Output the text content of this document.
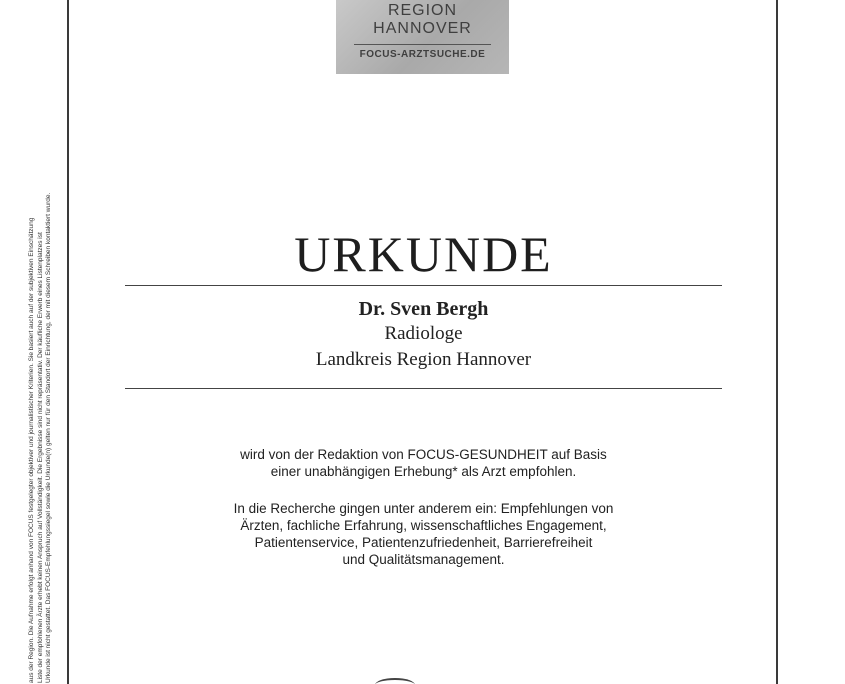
REGION
HANNOVER
FOCUS-ARZTSUCHE.DE
aus der Region. Die Aufnahme erfolgt anhand von FOCUS festgelegter objektiver und journalistischer Kriterien. Sie basiert auch auf der subjektiven Einschätzung Liste der empfohlenen Ärzte erhebt keinen Anspruch auf Vollständigkeit. Die Ergebnisse sind nicht repräsentativ. Der käufliche Erwerb eines Listenplatzes ist Urkunde ist nicht gestattet. Das FOCUS-Empfehlungssiegel sowie die Urkunde(n) gelten nur für den Standort der Einrichtung, der mit diesem Schreiben kontaktiert wurde.	URKUNDE
Dr. Sven Bergh
Radiologe
Landkreis Region Hannover
wird von der Redaktion von FOCUS-GESUNDHEIT auf Basis
einer unabhängigen Erhebung* als Arzt empfohlen.
In die Recherche gingen unter anderem ein: Empfehlungen von
Ärzten, fachliche Erfahrung, wissenschaftliches Engagement,
Patientenservice, Patientenzufriedenheit, Barrierefreiheit
und Qualitätsmanagement.
